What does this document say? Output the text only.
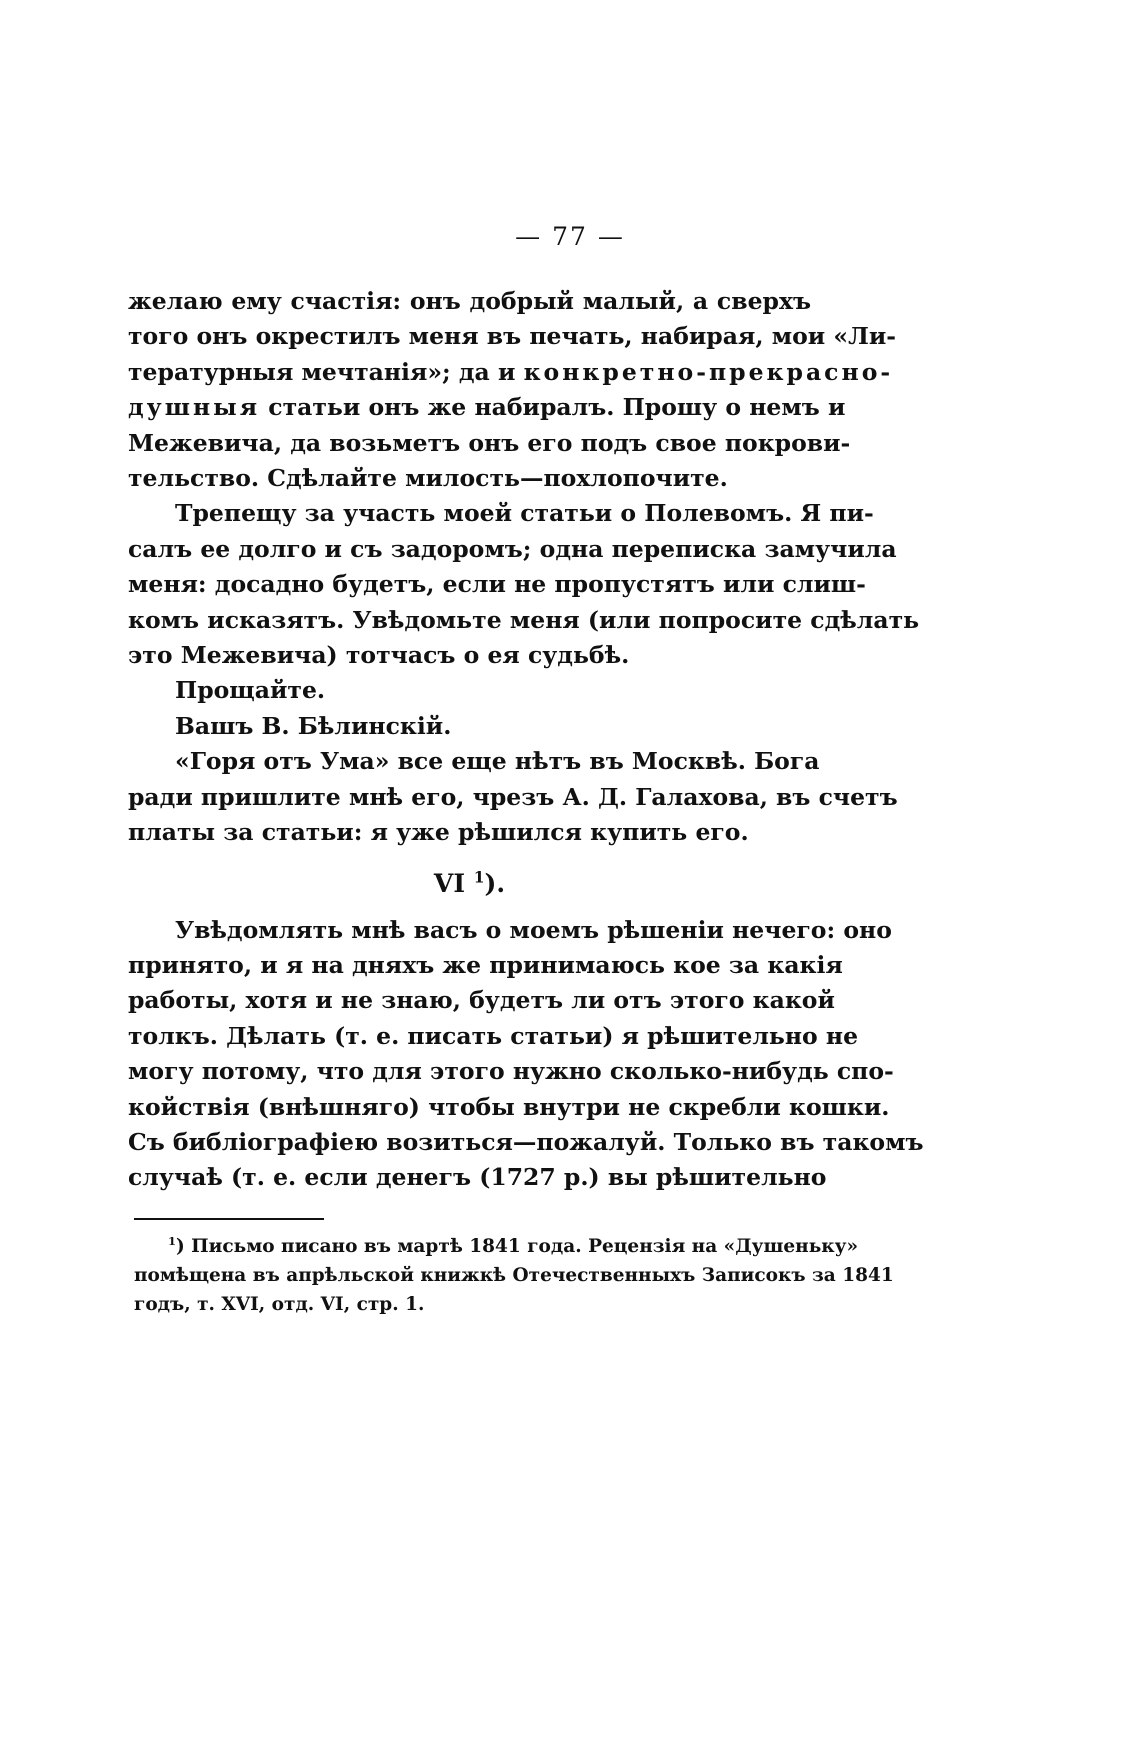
— 77 —
желаю ему счастія: онъ добрый малый, а сверхъ
того онъ окрестилъ меня въ печать, набирая, мои «Ли-
тературныя мечтанія»; да и конкретно-прекрасно-
душныя статьи онъ же набиралъ. Прошу о немъ и
Межевича, да возьметъ онъ его подъ свое покрови-
тельство. Сдѣлайте милость—похлопочите.
Трепещу за участь моей статьи о Полевомъ. Я пи-
салъ ее долго и съ задоромъ; одна переписка замучила
меня: досадно будетъ, если не пропустятъ или слиш-
комъ исказятъ. Увѣдомьте меня (или попросите сдѣлать
это Межевича) тотчасъ о ея судьбѣ.
Прощайте.
Вашъ В. Бѣлинскій.
«Горя отъ Ума» все еще нѣтъ въ Москвѣ. Бога
ради пришлите мнѣ его, чрезъ А. Д. Галахова, въ счетъ
платы за статьи: я уже рѣшился купить его.
VI $^1$).
Увѣдомлять мнѣ васъ о моемъ рѣшеніи нечего: оно
принято, и я на дняхъ же принимаюсь кое за какія
работы, хотя и не знаю, будетъ ли отъ этого какой
толкъ. Дѣлать (т. е. писать статьи) я рѣшительно не
могу потому, что для этого нужно сколько-нибудь спо-
койствія (внѣшняго) чтобы внутри не скребли кошки.
Съ библіографіею возиться—пожалуй. Только въ такомъ
случаѣ (т. е. если денегъ (1727 р.) вы рѣшительно
$^1$) Письмо писано въ мартѣ 1841 года. Рецензія на «Душеньку»
помѣщена въ апрѣльской книжкѣ Отечественныхъ Записокъ за 1841
годъ, т. XVI, отд. VI, стр. 1.
